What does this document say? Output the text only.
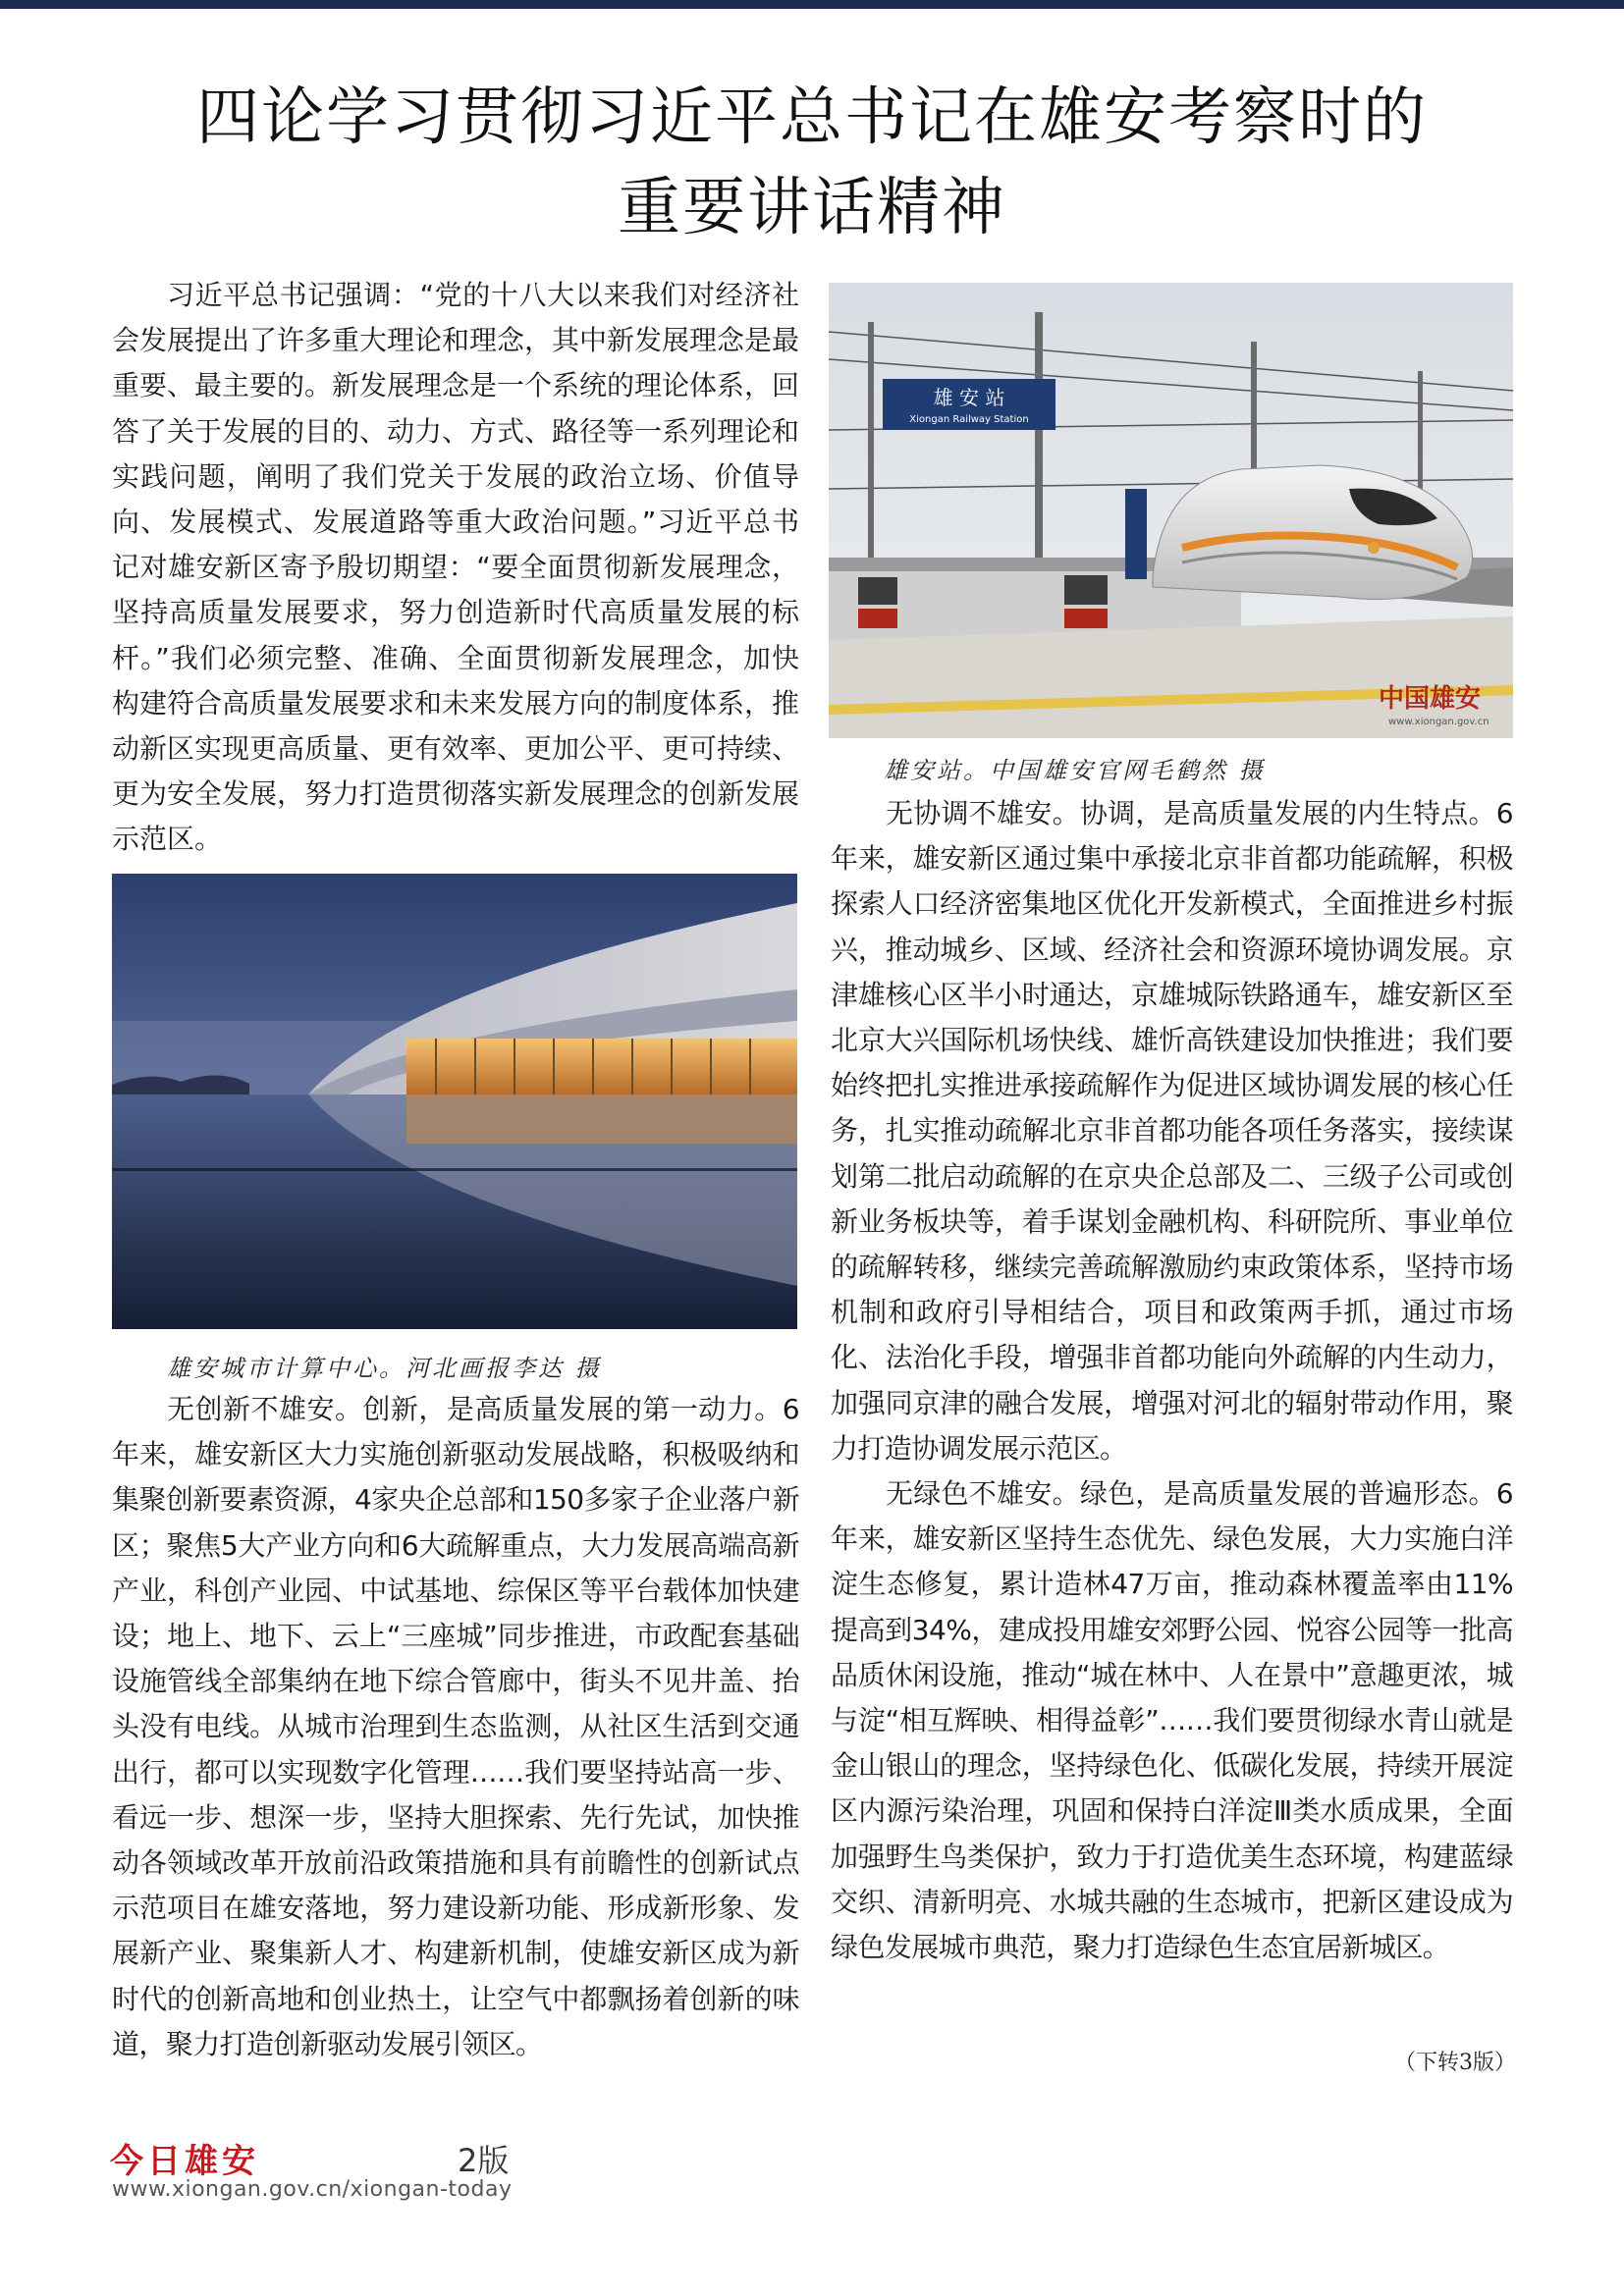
四论学习贯彻习近平总书记在雄安考察时的
重要讲话精神

习近平总书记强调：“党的十八大以来我们对经济社会发展提出了许多重大理论和理念，其中新发展理念是最重要、最主要的。新发展理念是一个系统的理论体系，回答了关于发展的目的、动力、方式、路径等一系列理论和实践问题，阐明了我们党关于发展的政治立场、价值导向、发展模式、发展道路等重大政治问题。”习近平总书记对雄安新区寄予殷切期望：“要全面贯彻新发展理念，坚持高质量发展要求，努力创造新时代高质量发展的标杆。”我们必须完整、准确、全面贯彻新发展理念，加快构建符合高质量发展要求和未来发展方向的制度体系，推动新区实现更高质量、更有效率、更加公平、更可持续、更为安全发展，努力打造贯彻落实新发展理念的创新发展示范区。

雄安城市计算中心。河北画报李达 摄

无创新不雄安。创新，是高质量发展的第一动力。6年来，雄安新区大力实施创新驱动发展战略，积极吸纳和集聚创新要素资源，4家央企总部和150多家子企业落户新区；聚焦5大产业方向和6大疏解重点，大力发展高端高新产业，科创产业园、中试基地、综保区等平台载体加快建设；地上、地下、云上“三座城”同步推进，市政配套基础设施管线全部集纳在地下综合管廊中，街头不见井盖、抬头没有电线。从城市治理到生态监测，从社区生活到交通出行，都可以实现数字化管理……我们要坚持站高一步、看远一步、想深一步，坚持大胆探索、先行先试，加快推动各领域改革开放前沿政策措施和具有前瞻性的创新试点示范项目在雄安落地，努力建设新功能、形成新形象、发展新产业、聚集新人才、构建新机制，使雄安新区成为新时代的创新高地和创业热土，让空气中都飘扬着创新的味道，聚力打造创新驱动发展引领区。

雄 安 站
Xiongan Railway Station
中国雄安
www.xiongan.gov.cn
雄安站。中国雄安官网毛鹤然 摄

无协调不雄安。协调，是高质量发展的内生特点。6年来，雄安新区通过集中承接北京非首都功能疏解，积极探索人口经济密集地区优化开发新模式，全面推进乡村振兴，推动城乡、区域、经济社会和资源环境协调发展。京津雄核心区半小时通达，京雄城际铁路通车，雄安新区至北京大兴国际机场快线、雄忻高铁建设加快推进；我们要始终把扎实推进承接疏解作为促进区域协调发展的核心任务，扎实推动疏解北京非首都功能各项任务落实，接续谋划第二批启动疏解的在京央企总部及二、三级子公司或创新业务板块等，着手谋划金融机构、科研院所、事业单位的疏解转移，继续完善疏解激励约束政策体系，坚持市场机制和政府引导相结合，项目和政策两手抓，通过市场化、法治化手段，增强非首都功能向外疏解的内生动力，加强同京津的融合发展，增强对河北的辐射带动作用，聚力打造协调发展示范区。

无绿色不雄安。绿色，是高质量发展的普遍形态。6年来，雄安新区坚持生态优先、绿色发展，大力实施白洋淀生态修复，累计造林47万亩，推动森林覆盖率由11%提高到34%，建成投用雄安郊野公园、悦容公园等一批高品质休闲设施，推动“城在林中、人在景中”意趣更浓，城与淀“相互辉映、相得益彰”……我们要贯彻绿水青山就是金山银山的理念，坚持绿色化、低碳化发展，持续开展淀区内源污染治理，巩固和保持白洋淀Ⅲ类水质成果，全面加强野生鸟类保护，致力于打造优美生态环境，构建蓝绿交织、清新明亮、水城共融的生态城市，把新区建设成为绿色发展城市典范，聚力打造绿色生态宜居新城区。

（下转3版）
今日雄安	2版
www.xiongan.gov.cn/xiongan-today
